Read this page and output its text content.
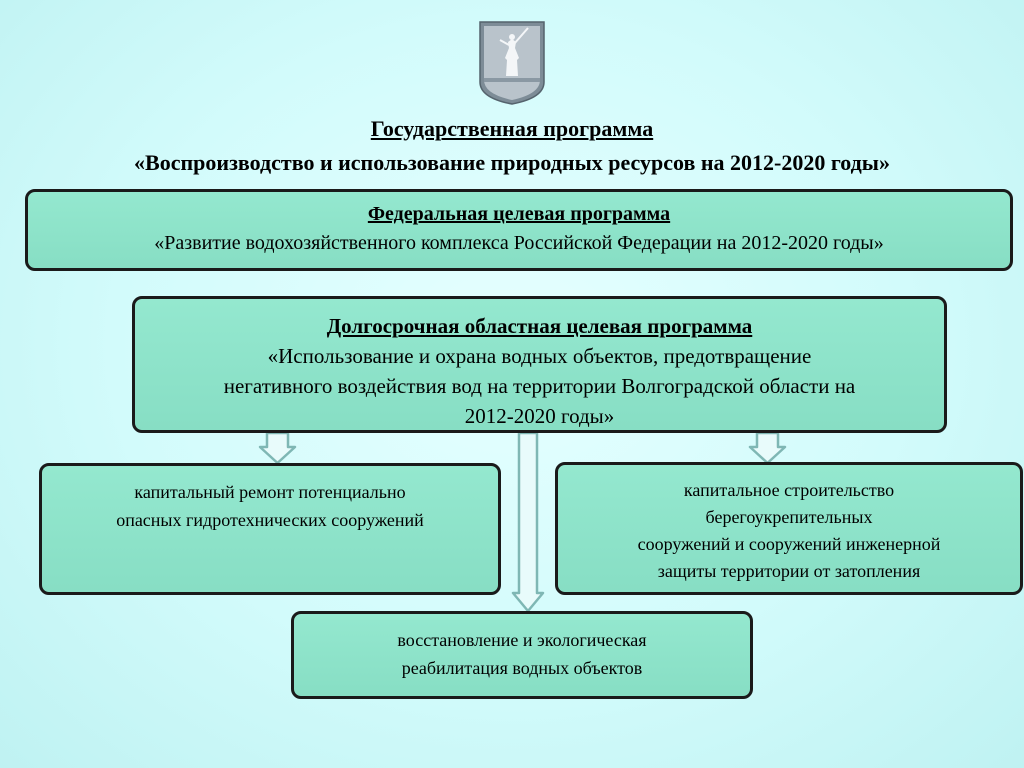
Государственная программа
«Воспроизводство и использование природных ресурсов на 2012-2020 годы»
Федеральная целевая программа
«Развитие водохозяйственного комплекса Российской Федерации на 2012-2020 годы»
Долгосрочная областная целевая программа
«Использование и охрана водных объектов, предотвращение
негативного воздействия вод на территории Волгоградской области на
2012-2020 годы»
капитальный ремонт потенциально
опасных гидротехнических сооружений
капитальное строительство
берегоукрепительных
сооружений и сооружений инженерной
защиты территории от затопления
восстановление и экологическая
реабилитация водных объектов
